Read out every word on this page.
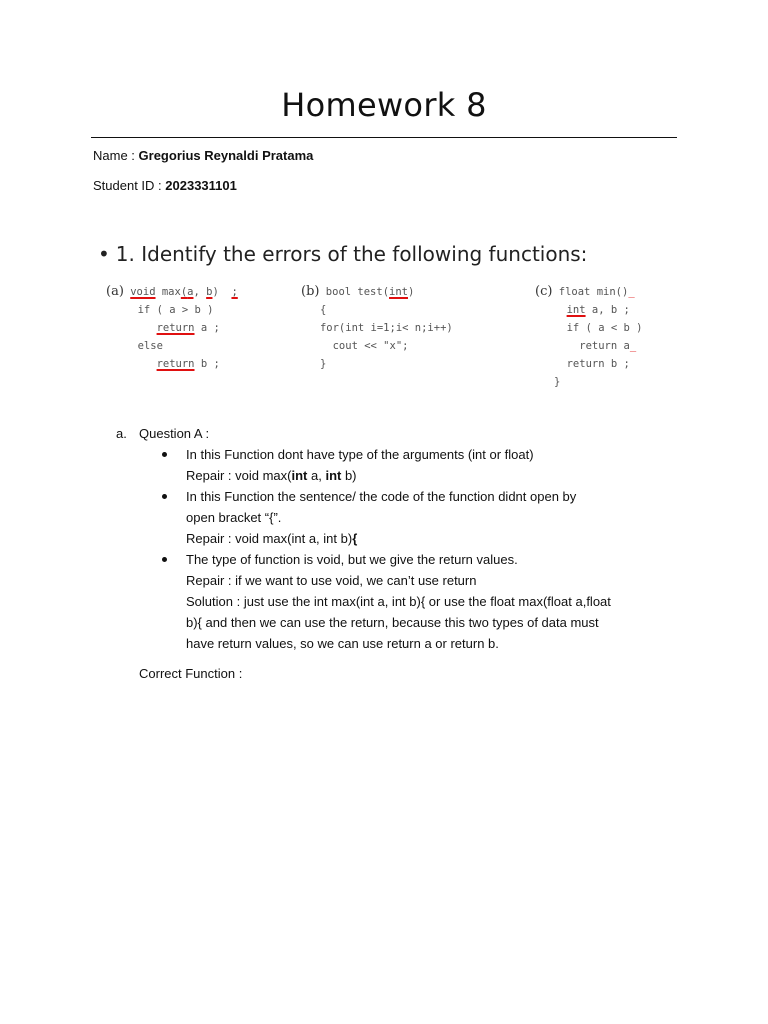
Homework 8
Name : Gregorius Reynaldi Pratama
Student ID : 2023331101
• 1. Identify the errors of the following functions:
(a) void max(a, b) ;
if ( a > b )
return a ;
else
return b ;
(b) bool test(int)
{
for(int i=1;i< n;i++)
cout << "x";
}
(c) float min()_
int a, b ;
if ( a < b )
return a_
return b ;
}
a. Question A :
In this Function dont have type of the arguments (int or float)
Repair : void max(int a, int b)
In this Function the sentence/ the code of the function didnt open by
open bracket “{”.
Repair : void max(int a, int b){
The type of function is void, but we give the return values.
Repair : if we want to use void, we can’t use return
Solution : just use the int max(int a, int b){ or use the float max(float a,float
b){ and then we can use the return, because this two types of data must
have return values, so we can use return a or return b.
Correct Function :
